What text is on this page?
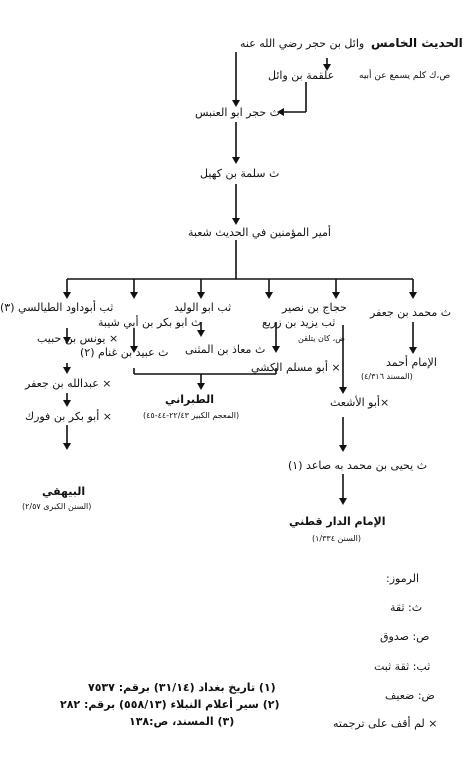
الحديث الخامس
وائل بن حجر رضي الله عنه
ص،ك كلم يسمع عن أبيه
علقمة بن وائل
ث حجر ابو العنبس
ث سلمة بن كهيل
أمير المؤمنين في الحديث شعبة
ث محمد بن جعفر
حجاج بن نصير
ثب ابو الوليد
ثب أبوداود الطيالسي (٣)
ثب يزيد بن زريع
ض، كان يتلقن
ث ابو بكر بن أبي شيبة
× يونس بن حبيب
الإمام أحمد
(المسند ٤/٣١٦)
ث معاذ بن المثنى
ث عبيد بن غنام (٢)
× أبو مسلم الكشي
× عبدالله بن جعفر
×أبو الأشعث
الطبراني
(المعجم الكبير ٢٢/٤٣-٤٤-٤٥)
× أبو بكر بن فورك
ث يحيى بن محمد به صاعد (١)
البيهقي
(السنن الكبرى ٢/٥٧)
الإمام الدار قطني
(السنن ١/٣٣٤)
الرموز:
ث: ثقة
ص: صدوق
ثب: ثقة ثبت
ض: ضعيف
× لم أقف على ترجمته
(١) تاريخ بغداد (٣١/١٤) برقم: ٧٥٣٧
(٢) سير أعلام النبلاء (٥٥٨/١٣) برقم: ٢٨٢
(٣) المسند، ص:١٣٨
